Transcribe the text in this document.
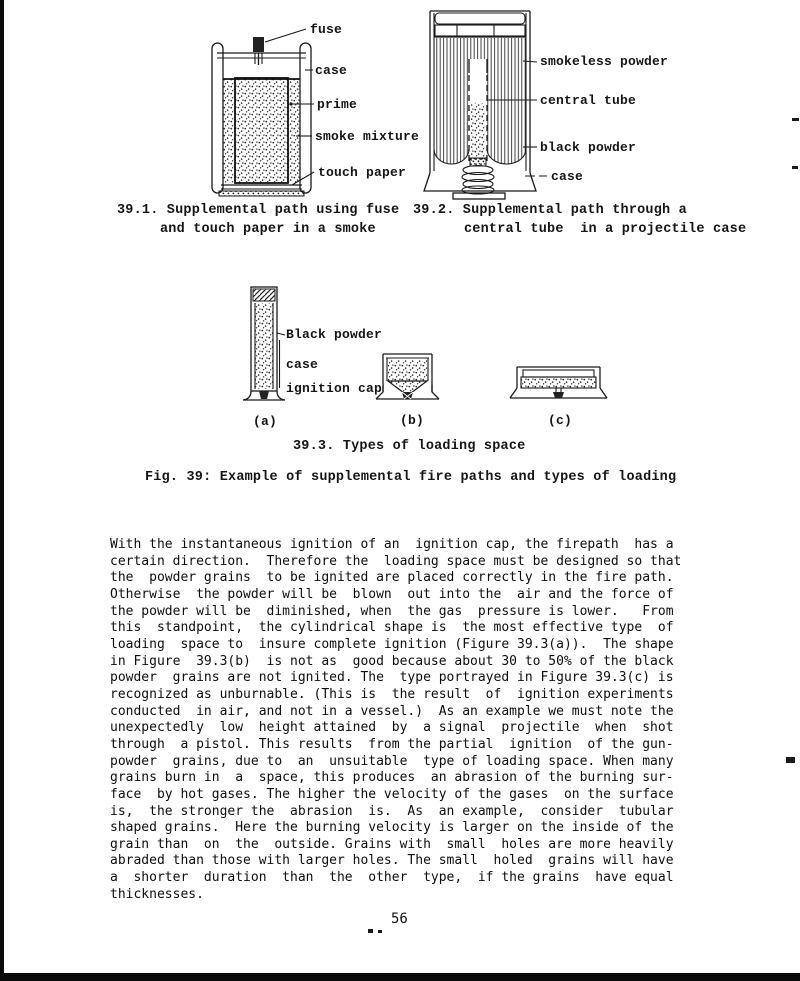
fuse
case
prime
smoke mixture
touch paper
39.1. Supplemental path using fuse
and touch paper in a smoke
smokeless powder
central tube
black powder
case
39.2. Supplemental path through a
central tube  in a projectile case
Black powder
case
ignition cap
(a)	(b)	(c)
39.3. Types of loading space
Fig. 39: Example of supplemental fire paths and types of loading
With the instantaneous ignition of an  ignition cap, the firepath  has a
certain direction.  Therefore the  loading space must be designed so that
the  powder grains  to be ignited are placed correctly in the fire path.
Otherwise  the powder will be  blown  out into the  air and the force of
the powder will be  diminished, when  the gas  pressure is lower.   From
this  standpoint,  the cylindrical shape is  the most effective type  of
loading  space to  insure complete ignition (Figure 39.3(a)).  The shape
in Figure  39.3(b)  is not as  good because about 30 to 50% of the black
powder  grains are not ignited. The  type portrayed in Figure 39.3(c) is
recognized as unburnable. (This is  the result  of  ignition experiments
conducted  in air, and not in a vessel.)  As an example we must note the
unexpectedly  low  height attained  by  a signal  projectile  when  shot
through  a pistol. This results  from the partial  ignition  of the gun-
powder  grains, due to  an  unsuitable  type of loading space. When many
grains burn in  a  space, this produces  an abrasion of the burning sur-
face  by hot gases. The higher the velocity of the gases  on the surface
is,  the stronger the  abrasion  is.  As  an example,  consider  tubular
shaped grains.  Here the burning velocity is larger on the inside of the
grain than  on  the  outside. Grains with  small  holes are more heavily
abraded than those with larger holes. The small  holed  grains will have
a  shorter  duration  than  the  other  type,  if the grains  have equal
thicknesses.
56
